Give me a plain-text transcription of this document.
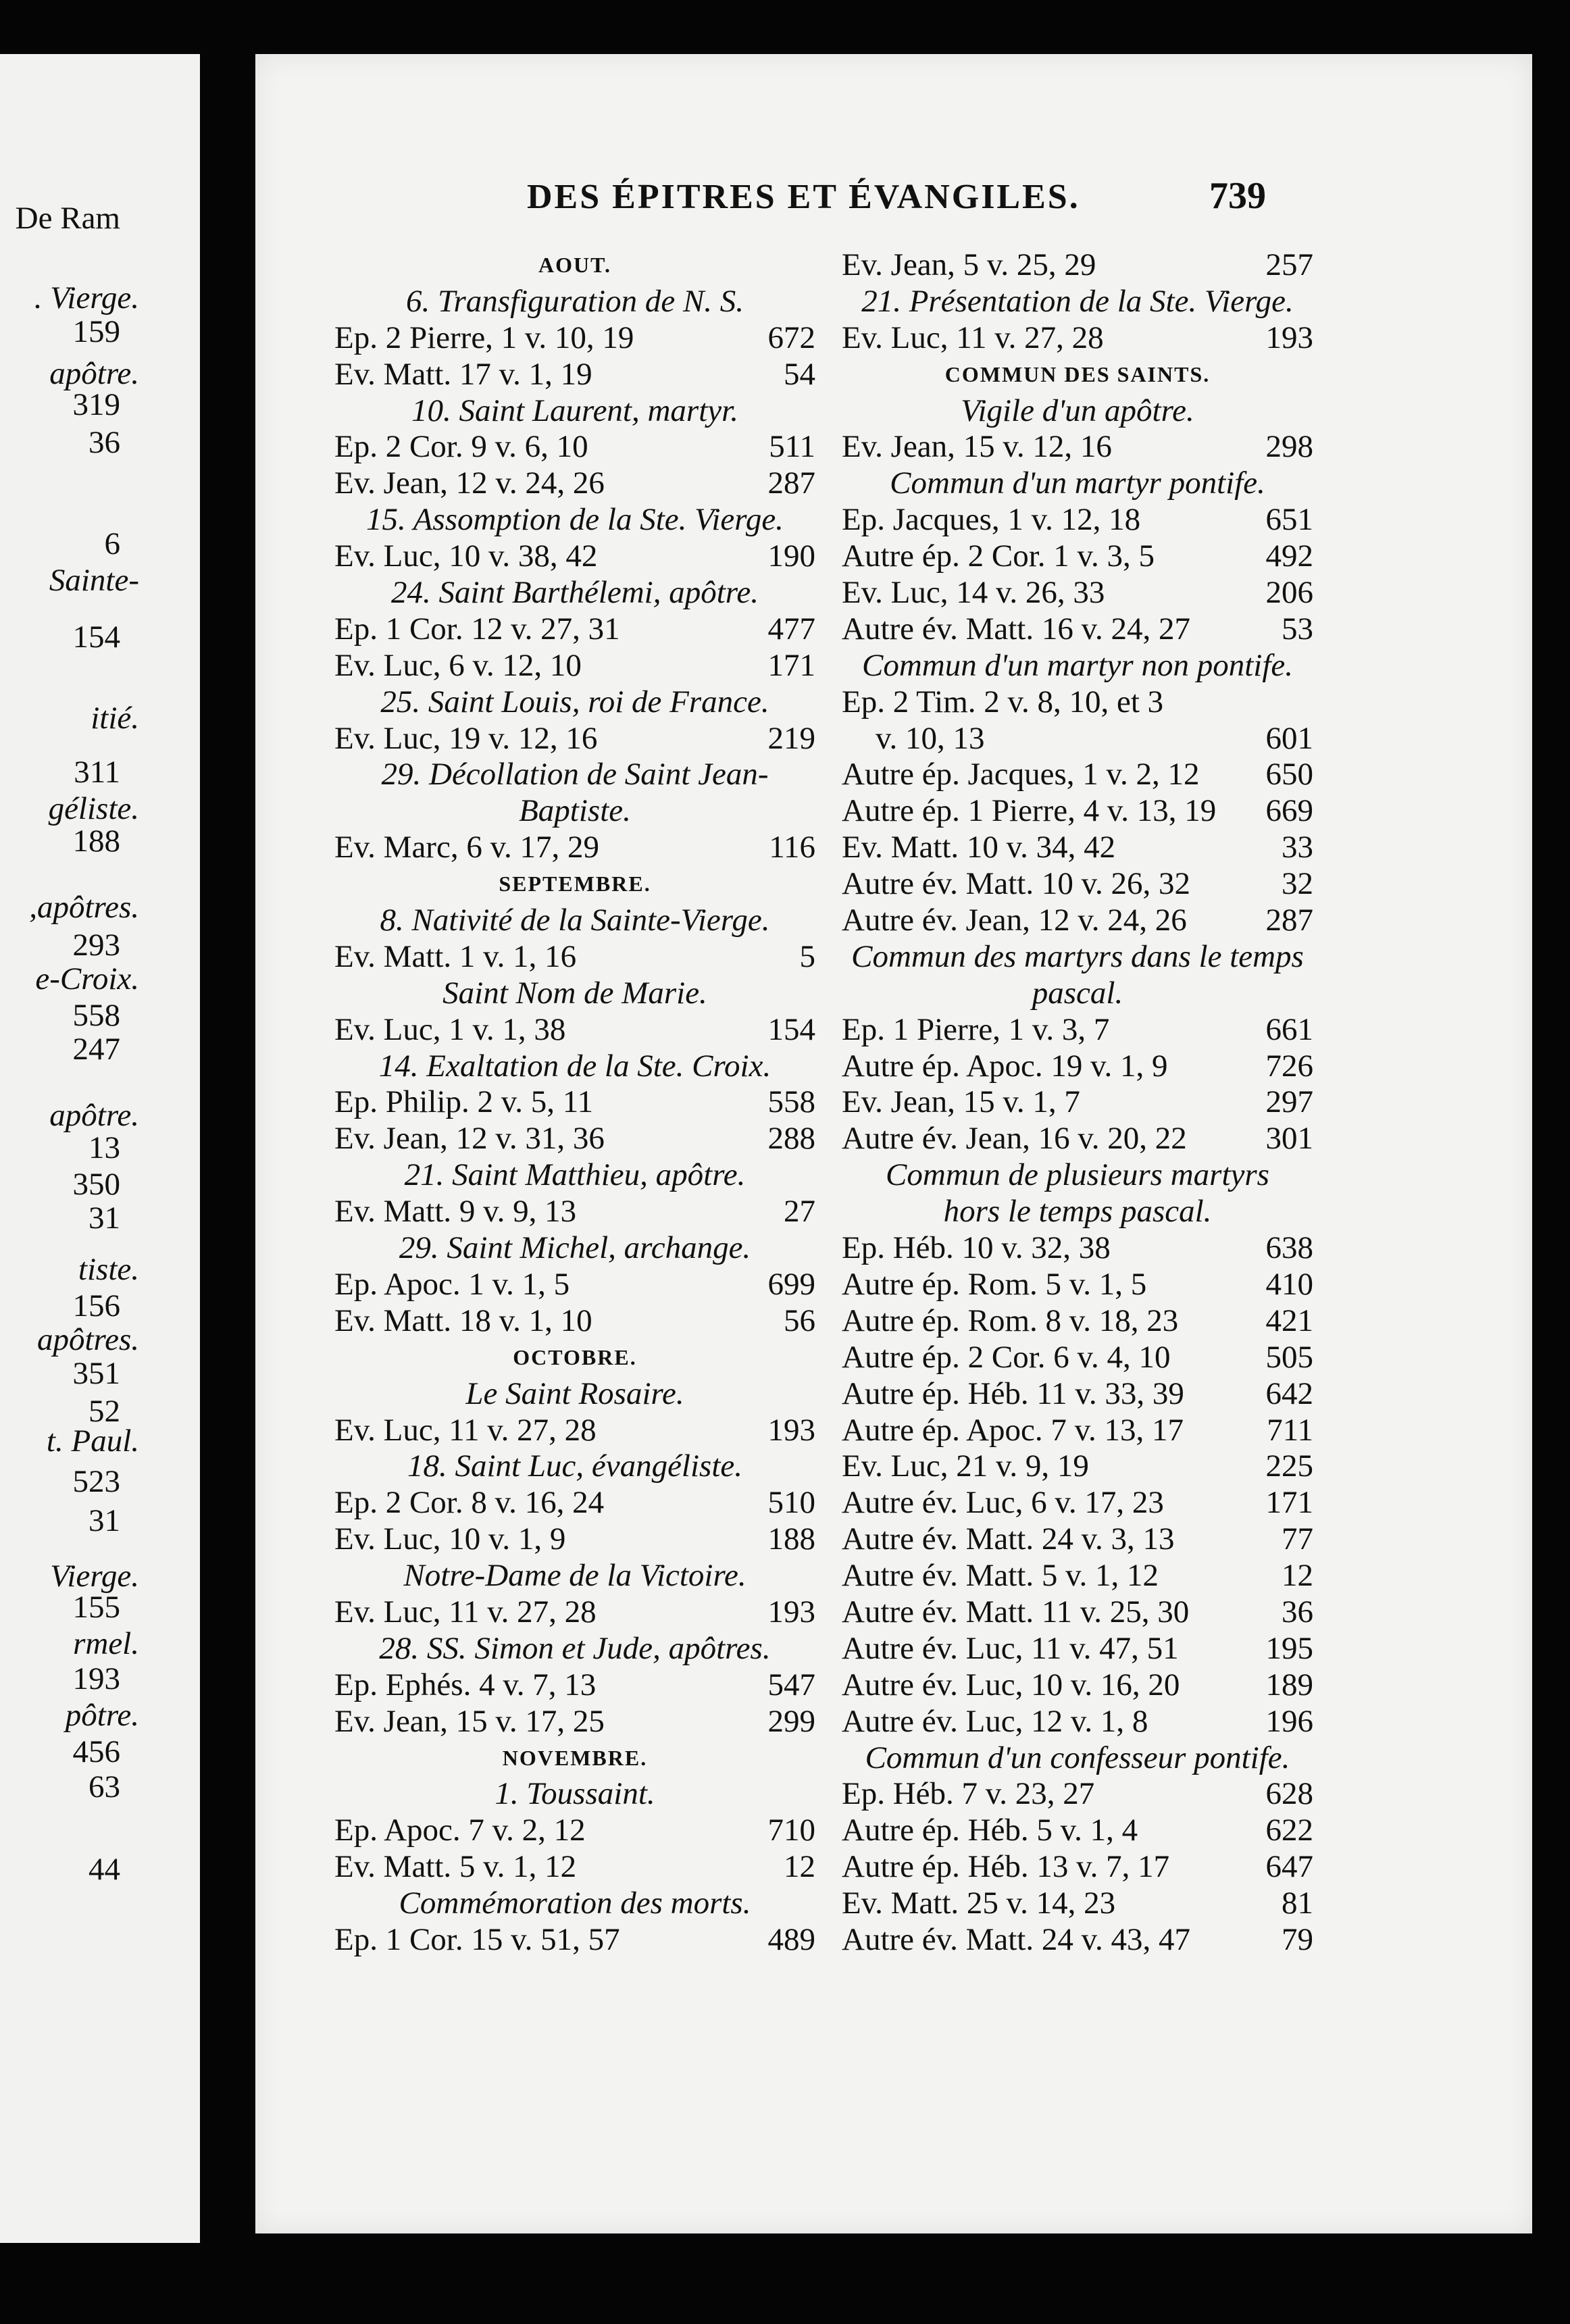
De Ram
. Vierge.
159
apôtre.
319
36
6
Sainte-
154
itié.
311
géliste.
188
,apôtres.
293
e-Croix.
558
247
apôtre.
13
350
31
tiste.
156
apôtres.
351
52
t. Paul.
523
31
Vierge.
155
rmel.
193
pôtre.
456
63
44
DES ÉPITRES ET ÉVANGILES.	739
AOUT.
6. Transfiguration de N. S.
Ep. 2 Pierre, 1 v. 10, 19	672
Ev. Matt. 17 v. 1, 19	54
10. Saint Laurent, martyr.
Ep. 2 Cor. 9 v. 6, 10	511
Ev. Jean, 12 v. 24, 26	287
15. Assomption de la Ste. Vierge.
Ev. Luc, 10 v. 38, 42	190
24. Saint Barthélemi, apôtre.
Ep. 1 Cor. 12 v. 27, 31	477
Ev. Luc, 6 v. 12, 10	171
25. Saint Louis, roi de France.
Ev. Luc, 19 v. 12, 16	219
29. Décollation de Saint Jean-
Baptiste.
Ev. Marc, 6 v. 17, 29	116
SEPTEMBRE.
8. Nativité de la Sainte-Vierge.
Ev. Matt. 1 v. 1, 16	5
Saint Nom de Marie.
Ev. Luc, 1 v. 1, 38	154
14. Exaltation de la Ste. Croix.
Ep. Philip. 2 v. 5, 11	558
Ev. Jean, 12 v. 31, 36	288
21. Saint Matthieu, apôtre.
Ev. Matt. 9 v. 9, 13	27
29. Saint Michel, archange.
Ep. Apoc. 1 v. 1, 5	699
Ev. Matt. 18 v. 1, 10	56
OCTOBRE.
Le Saint Rosaire.
Ev. Luc, 11 v. 27, 28	193
18. Saint Luc, évangéliste.
Ep. 2 Cor. 8 v. 16, 24	510
Ev. Luc, 10 v. 1, 9	188
Notre-Dame de la Victoire.
Ev. Luc, 11 v. 27, 28	193
28. SS. Simon et Jude, apôtres.
Ep. Ephés. 4 v. 7, 13	547
Ev. Jean, 15 v. 17, 25	299
NOVEMBRE.
1. Toussaint.
Ep. Apoc. 7 v. 2, 12	710
Ev. Matt. 5 v. 1, 12	12
Commémoration des morts.
Ep. 1 Cor. 15 v. 51, 57	489
Ev. Jean, 5 v. 25, 29	257
21. Présentation de la Ste. Vierge.
Ev. Luc, 11 v. 27, 28	193
COMMUN DES SAINTS.
Vigile d'un apôtre.
Ev. Jean, 15 v. 12, 16	298
Commun d'un martyr pontife.
Ep. Jacques, 1 v. 12, 18	651
Autre ép. 2 Cor. 1 v. 3, 5	492
Ev. Luc, 14 v. 26, 33	206
Autre év. Matt. 16 v. 24, 27	53
Commun d'un martyr non pontife.
Ep. 2 Tim. 2 v. 8, 10, et 3
v. 10, 13	601
Autre ép. Jacques, 1 v. 2, 12 650
Autre ép. 1 Pierre, 4 v. 13, 19 669
Ev. Matt. 10 v. 34, 42	33
Autre év. Matt. 10 v. 26, 32	32
Autre év. Jean, 12 v. 24, 26 287
Commun des martyrs dans le temps
pascal.
Ep. 1 Pierre, 1 v. 3, 7	661
Autre ép. Apoc. 19 v. 1, 9	726
Ev. Jean, 15 v. 1, 7	297
Autre év. Jean, 16 v. 20, 22 301
Commun de plusieurs martyrs
hors le temps pascal.
Ep. Héb. 10 v. 32, 38	638
Autre ép. Rom. 5 v. 1, 5	410
Autre ép. Rom. 8 v. 18, 23	421
Autre ép. 2 Cor. 6 v. 4, 10	505
Autre ép. Héb. 11 v. 33, 39	642
Autre ép. Apoc. 7 v. 13, 17	711
Ev. Luc, 21 v. 9, 19	225
Autre év. Luc, 6 v. 17, 23	171
Autre év. Matt. 24 v. 3, 13	77
Autre év. Matt. 5 v. 1, 12	12
Autre év. Matt. 11 v. 25, 30	36
Autre év. Luc, 11 v. 47, 51	195
Autre év. Luc, 10 v. 16, 20	189
Autre év. Luc, 12 v. 1, 8	196
Commun d'un confesseur pontife.
Ep. Héb. 7 v. 23, 27	628
Autre ép. Héb. 5 v. 1, 4	622
Autre ép. Héb. 13 v. 7, 17	647
Ev. Matt. 25 v. 14, 23	81
Autre év. Matt. 24 v. 43, 47	79
